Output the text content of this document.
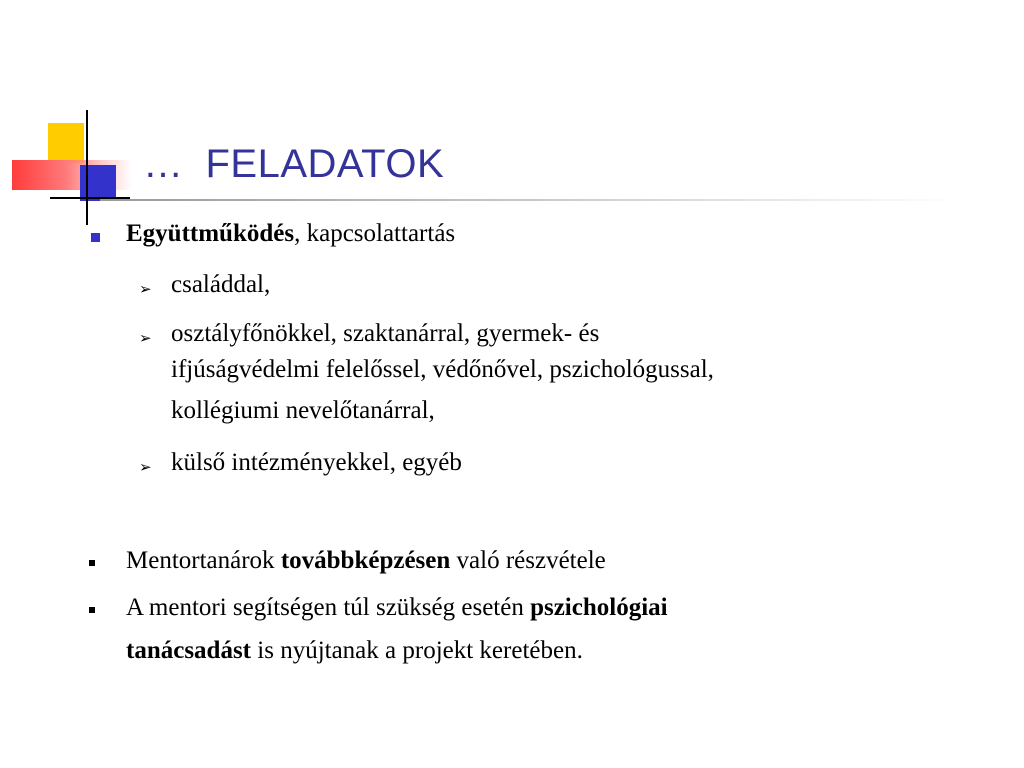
… FELADATOK
Együttműködés, kapcsolattartás
➢ családdal,
➢ osztályfőnökkel, szaktanárral, gyermek- és
ifjúságvédelmi felelőssel, védőnővel, pszichológussal,
kollégiumi nevelőtanárral,
➢ külső intézményekkel, egyéb
Mentortanárok továbbképzésen való részvétele
A mentori segítségen túl szükség esetén pszichológiai
tanácsadást is nyújtanak a projekt keretében.
